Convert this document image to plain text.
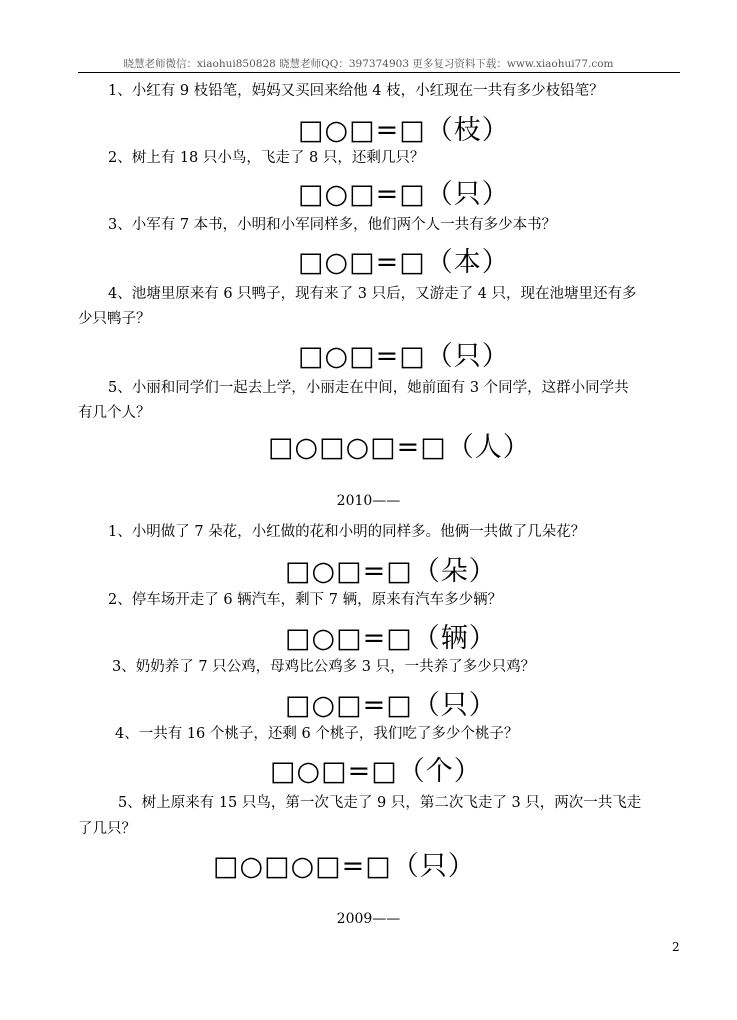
晓慧老师微信：xiaohui850828 晓慧老师QQ：397374903 更多复习资料下载：www.xiaohui77.com
1、小红有 9 枝铅笔，妈妈又买回来给他 4 枝，小红现在一共有多少枝铅笔？
□○□=□（枝）
2、树上有 18 只小鸟，飞走了 8 只，还剩几只？
□○□=□（只）
3、小军有 7 本书，小明和小军同样多，他们两个人一共有多少本书？
□○□=□（本）
4、池塘里原来有 6 只鸭子，现有来了 3 只后，又游走了 4 只，现在池塘里还有多
少只鸭子？
□○□=□（只）
5、小丽和同学们一起去上学，小丽走在中间，她前面有 3 个同学，这群小同学共
有几个人？
□○□○□=□（人）
2010——
1、小明做了 7 朵花，小红做的花和小明的同样多。他俩一共做了几朵花？
□○□=□（朵）
2、停车场开走了 6 辆汽车，剩下 7 辆，原来有汽车多少辆？
□○□=□（辆）
3、奶奶养了 7 只公鸡，母鸡比公鸡多 3 只，一共养了多少只鸡？
□○□=□（只）
4、一共有 16 个桃子，还剩 6 个桃子，我们吃了多少个桃子？
□○□=□（个）
5、树上原来有 15 只鸟，第一次飞走了 9 只，第二次飞走了 3 只，两次一共飞走
了几只？
□○□○□=□（只）
2009——
2
